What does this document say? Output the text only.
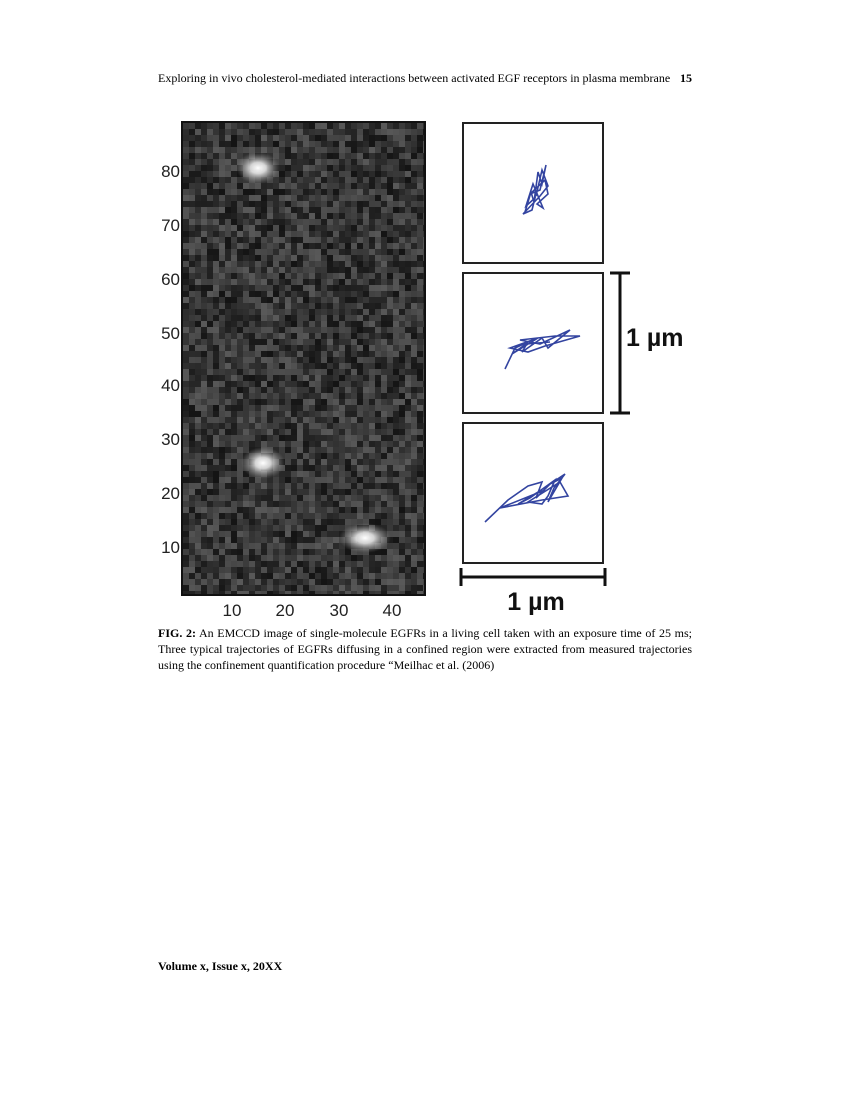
Exploring in vivo cholesterol-mediated interactions between activated EGF receptors in plasma membrane 15
80
70
60
50
40
30
20
10
10 20 30 40
1 µm
1 µm
FIG. 2: An EMCCD image of single-molecule EGFRs in a living cell taken with an exposure time of 25 ms; Three typical trajectories of EGFRs diffusing in a confined region were extracted from measured trajectories using the confinement quantification procedure “Meilhac et al. (2006)
Volume x, Issue x, 20XX
